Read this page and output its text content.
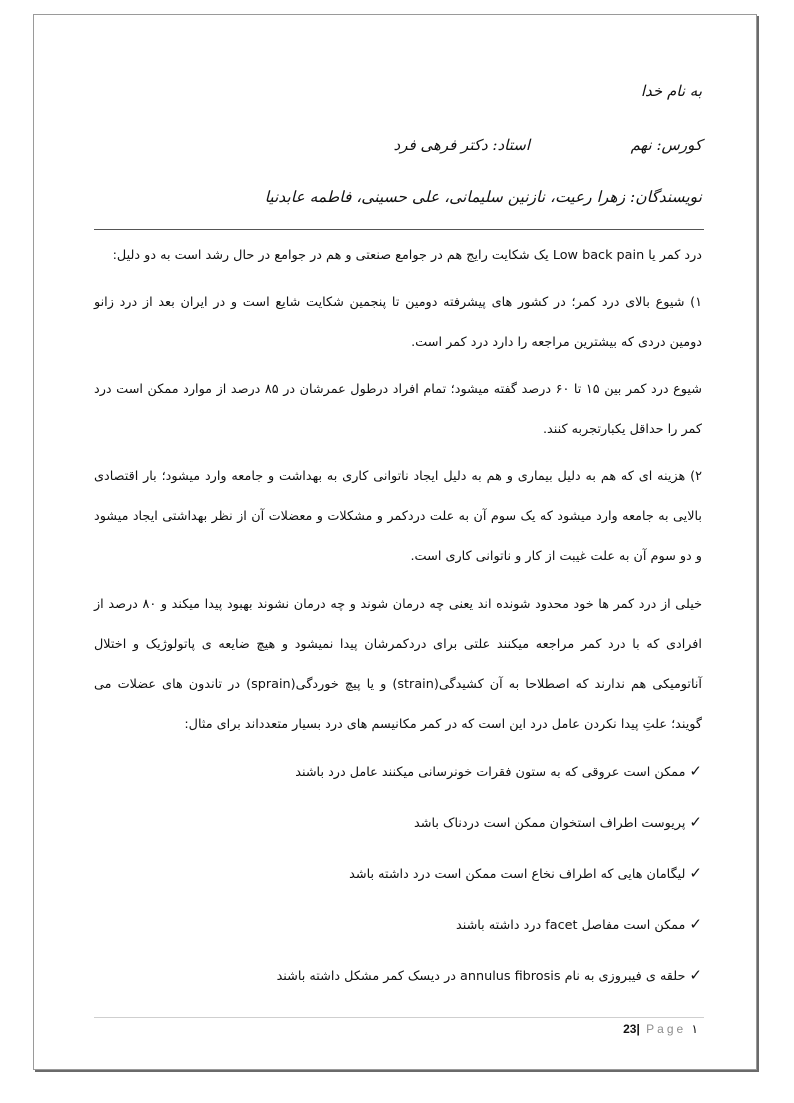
به نام خدا
کورس: نهم
استاد: دکتر فرهی فرد
نویسندگان: زهرا رعیت، نازنین سلیمانی، علی حسینی، فاطمه عابدنیا

درد کمر یا Low back pain یک شکایت رایج هم در جوامع صنعتی و هم در جوامع در حال رشد است به دو دلیل:

۱) شیوع بالای درد کمر؛ در کشور های پیشرفته دومین تا پنجمین شکایت شایع است و در ایران بعد از درد زانو دومین دردی که بیشترین مراجعه را دارد درد کمر است.

شیوع درد کمر بین ۱۵ تا ۶۰ درصد گفته میشود؛ تمام افراد درطول عمرشان در ۸۵ درصد از موارد ممکن است درد کمر را حداقل یکبارتجربه کنند.

۲) هزینه ای که هم به دلیل بیماری و هم به دلیل ایجاد ناتوانی کاری به بهداشت و جامعه وارد میشود؛ بار اقتصادی بالایی به جامعه وارد میشود که یک سوم آن به علت دردکمر و مشکلات و معضلات آن از نظر بهداشتی ایجاد میشود و دو سوم آن به علت غیبت از کار و ناتوانی کاری است.

خیلی از درد کمر ها خود محدود شونده اند یعنی چه درمان شوند و چه درمان نشوند بهبود پیدا میکند و ۸۰ درصد از افرادی که با درد کمر مراجعه میکنند علتی برای دردکمرشان پیدا نمیشود و هیچ ضایعه ی پاتولوژیک و اختلال آناتومیکی هم ندارند که اصطلاحا به آن کشیدگی(strain) و یا پیچ خوردگی(sprain) در تاندون های عضلات می گویند؛ علتِ پیدا نکردن عامل درد این است که در کمر مکانیسم های درد بسیار متعدداند برای مثال:

✓ممکن است عروقی که به ستون فقرات خونرسانی میکنند عامل درد باشند
✓پریوست اطراف استخوان ممکن است دردناک باشد
✓لیگامان هایی که اطراف نخاع است ممکن است درد داشته باشد
✓ممکن است مفاصل facet درد داشته باشند
✓حلقه ی فیبروزی به نام annulus fibrosis در دیسک کمر مشکل داشته باشند
23| Page ۱
